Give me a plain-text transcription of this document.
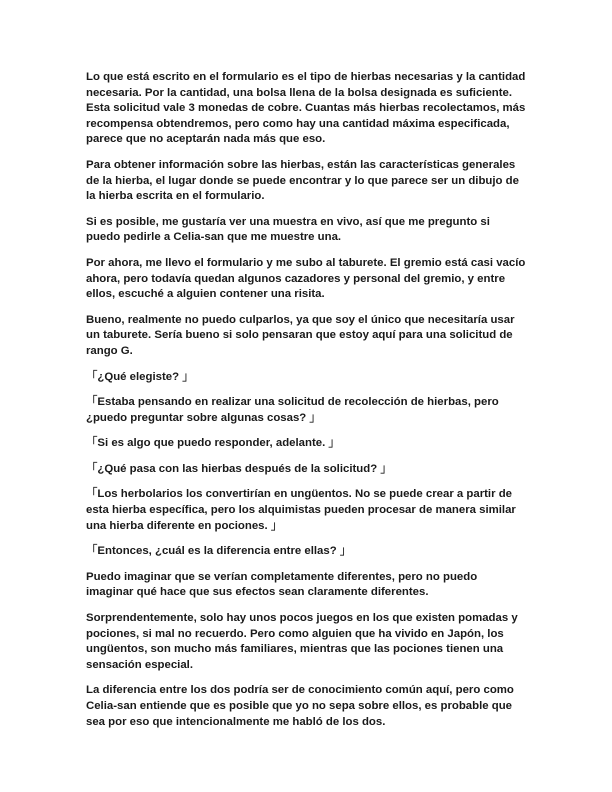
Lo que está escrito en el formulario es el tipo de hierbas necesarias y la cantidad necesaria. Por la cantidad, una bolsa llena de la bolsa designada es suficiente. Esta solicitud vale 3 monedas de cobre. Cuantas más hierbas recolectamos, más recompensa obtendremos, pero como hay una cantidad máxima especificada, parece que no aceptarán nada más que eso.

Para obtener información sobre las hierbas, están las características generales de la hierba, el lugar donde se puede encontrar y lo que parece ser un dibujo de la hierba escrita en el formulario.

Si es posible, me gustaría ver una muestra en vivo, así que me pregunto si puedo pedirle a Celia-san que me muestre una.

Por ahora, me llevo el formulario y me subo al taburete. El gremio está casi vacío ahora, pero todavía quedan algunos cazadores y personal del gremio, y entre ellos, escuché a alguien contener una risita.

Bueno, realmente no puedo culparlos, ya que soy el único que necesitaría usar un taburete. Sería bueno si solo pensaran que estoy aquí para una solicitud de rango G.

「¿Qué elegiste? 」

「Estaba pensando en realizar una solicitud de recolección de hierbas, pero ¿puedo preguntar sobre algunas cosas? 」

「Si es algo que puedo responder, adelante. 」

「¿Qué pasa con las hierbas después de la solicitud? 」

「Los herbolarios los convertirían en ungüentos. No se puede crear a partir de esta hierba específica, pero los alquimistas pueden procesar de manera similar una hierba diferente en pociones. 」

「Entonces, ¿cuál es la diferencia entre ellas? 」

Puedo imaginar que se verían completamente diferentes, pero no puedo imaginar qué hace que sus efectos sean claramente diferentes.

Sorprendentemente, solo hay unos pocos juegos en los que existen pomadas y pociones, si mal no recuerdo. Pero como alguien que ha vivido en Japón, los ungüentos, son mucho más familiares, mientras que las pociones tienen una sensación especial.

La diferencia entre los dos podría ser de conocimiento común aquí, pero como Celia-san entiende que es posible que yo no sepa sobre ellos, es probable que sea por eso que intencionalmente me habló de los dos.
